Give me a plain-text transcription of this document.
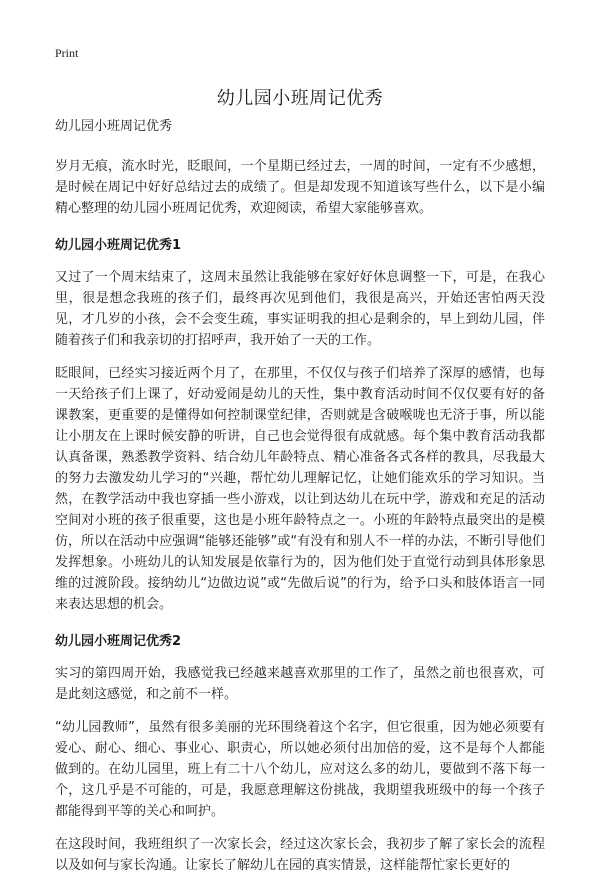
Print
幼儿园小班周记优秀

幼儿园小班周记优秀

岁月无痕，流水时光，眨眼间，一个星期已经过去，一周的时间，一定有不少感想，是时候在周记中好好总结过去的成绩了。但是却发现不知道该写些什么，以下是小编精心整理的幼儿园小班周记优秀，欢迎阅读，希望大家能够喜欢。

幼儿园小班周记优秀1

又过了一个周末结束了，这周末虽然让我能够在家好好休息调整一下，可是，在我心里，很是想念我班的孩子们，最终再次见到他们，我很是高兴，开始还害怕两天没见，才几岁的小孩，会不会变生疏，事实证明我的担心是剩余的，早上到幼儿园，伴随着孩子们和我亲切的打招呼声，我开始了一天的工作。

眨眼间，已经实习接近两个月了，在那里，不仅仅与孩子们培养了深厚的感情，也每一天给孩子们上课了，好动爱闹是幼儿的天性，集中教育活动时间不仅仅要有好的备课教案，更重要的是懂得如何控制课堂纪律，否则就是含破喉咙也无济于事，所以能让小朋友在上课时候安静的听讲，自己也会觉得很有成就感。每个集中教育活动我都认真备课，熟悉教学资料、结合幼儿年龄特点、精心准备各式各样的教具，尽我最大的努力去激发幼儿学习的“兴趣，帮忙幼儿理解记忆，让她们能欢乐的学习知识。当然，在教学活动中我也穿插一些小游戏，以让到达幼儿在玩中学，游戏和充足的活动空间对小班的孩子很重要，这也是小班年龄特点之一。小班的年龄特点最突出的是模仿，所以在活动中应强调“能够还能够”或“有没有和别人不一样的办法，不断引导他们发挥想象。小班幼儿的认知发展是依靠行为的，因为他们处于直觉行动到具体形象思维的过渡阶段。接纳幼儿“边做边说”或“先做后说”的行为，给予口头和肢体语言一同来表达思想的机会。

幼儿园小班周记优秀2

实习的第四周开始，我感觉我已经越来越喜欢那里的工作了，虽然之前也很喜欢，可是此刻这感觉，和之前不一样。

“幼儿园教师”，虽然有很多美丽的光环围绕着这个名字，但它很重，因为她必须要有爱心、耐心、细心、事业心、职责心，所以她必须付出加倍的爱，这不是每个人都能做到的。在幼儿园里，班上有二十八个幼儿，应对这么多的幼儿，要做到不落下每一个，这几乎是不可能的，可是，我愿意理解这份挑战，我期望我班级中的每一个孩子都能得到平等的关心和呵护。

在这段时间，我班组织了一次家长会，经过这次家长会，我初步了解了家长会的流程以及如何与家长沟通。让家长了解幼儿在园的真实情景，这样能帮忙家长更好的
